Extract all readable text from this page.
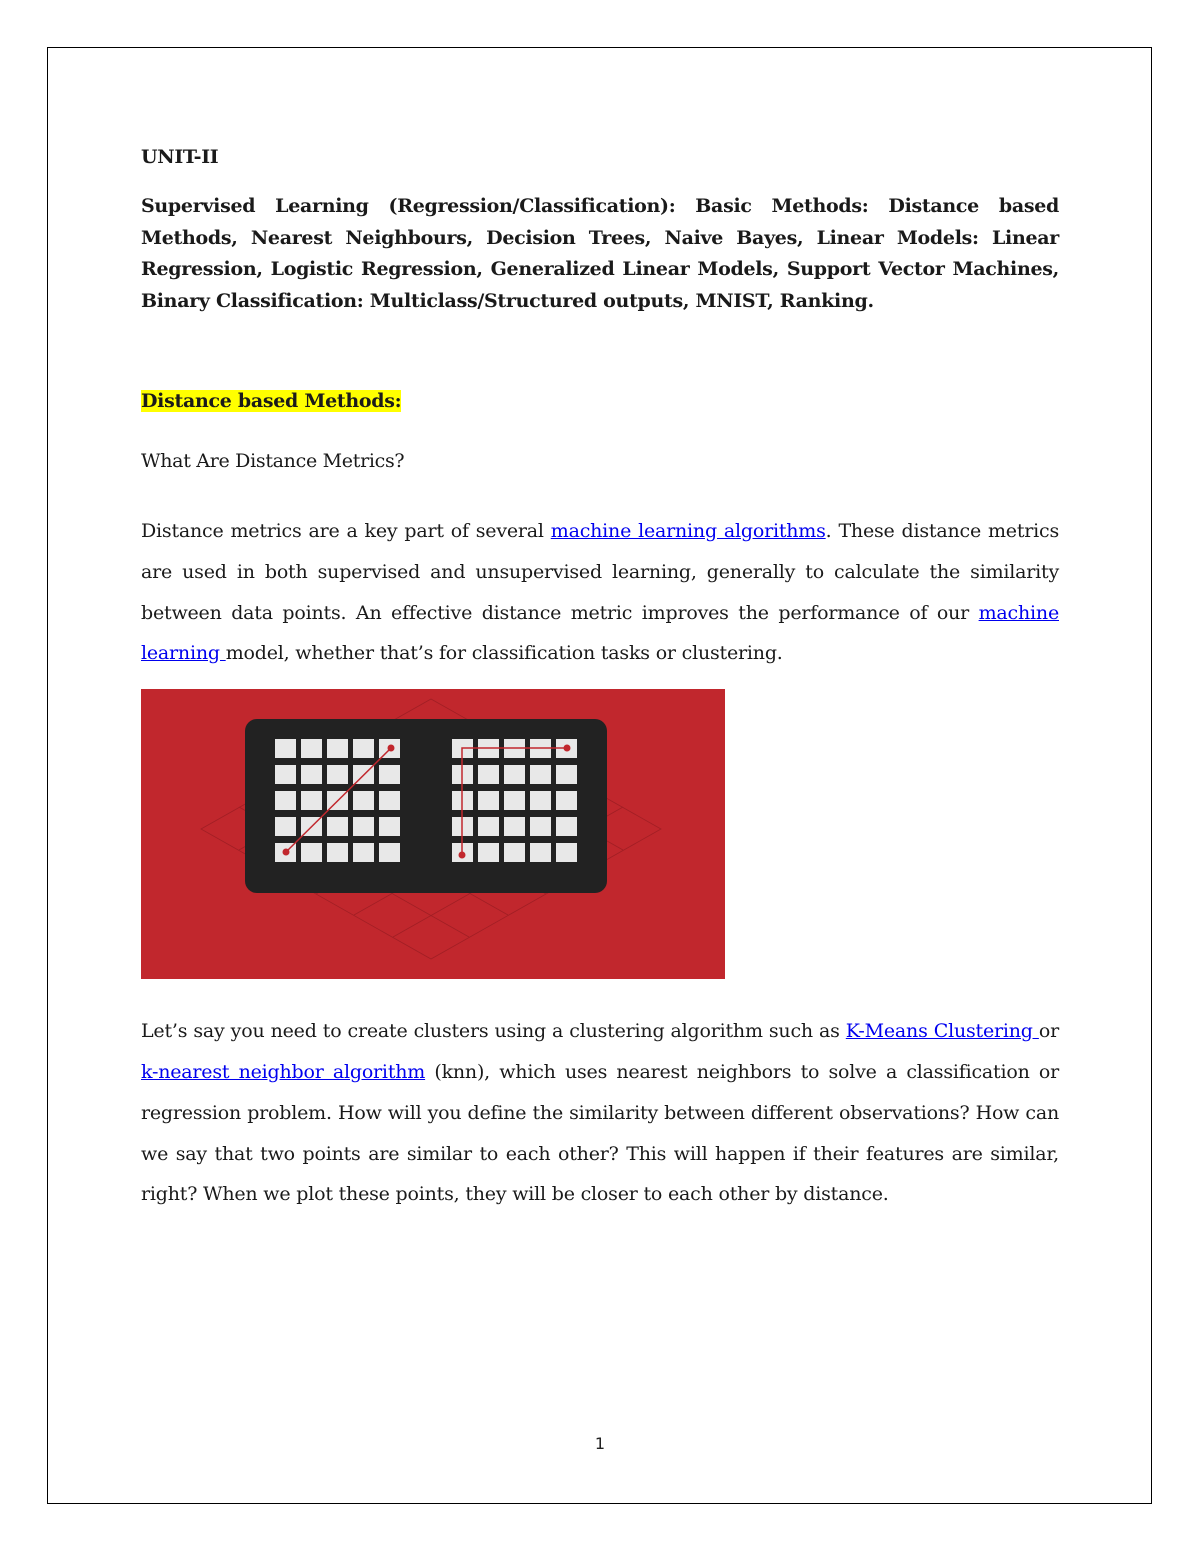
UNIT-II

Supervised Learning (Regression/Classification): Basic Methods: Distance based Methods, Nearest Neighbours, Decision Trees, Naive Bayes, Linear Models: Linear Regression, Logistic Regression, Generalized Linear Models, Support Vector Machines, Binary Classification: Multiclass/Structured outputs, MNIST, Ranking.

Distance based Methods:

What Are Distance Metrics?

Distance metrics are a key part of several machine learning algorithms. These distance metrics are used in both supervised and unsupervised learning, generally to calculate the similarity between data points. An effective distance metric improves the performance of our machine learning model, whether that’s for classification tasks or clustering.

Let’s say you need to create clusters using a clustering algorithm such as K-Means Clustering or k-nearest neighbor algorithm (knn), which uses nearest neighbors to solve a classification or regression problem. How will you define the similarity between different observations? How can we say that two points are similar to each other? This will happen if their features are similar, right? When we plot these points, they will be closer to each other by distance.

1
